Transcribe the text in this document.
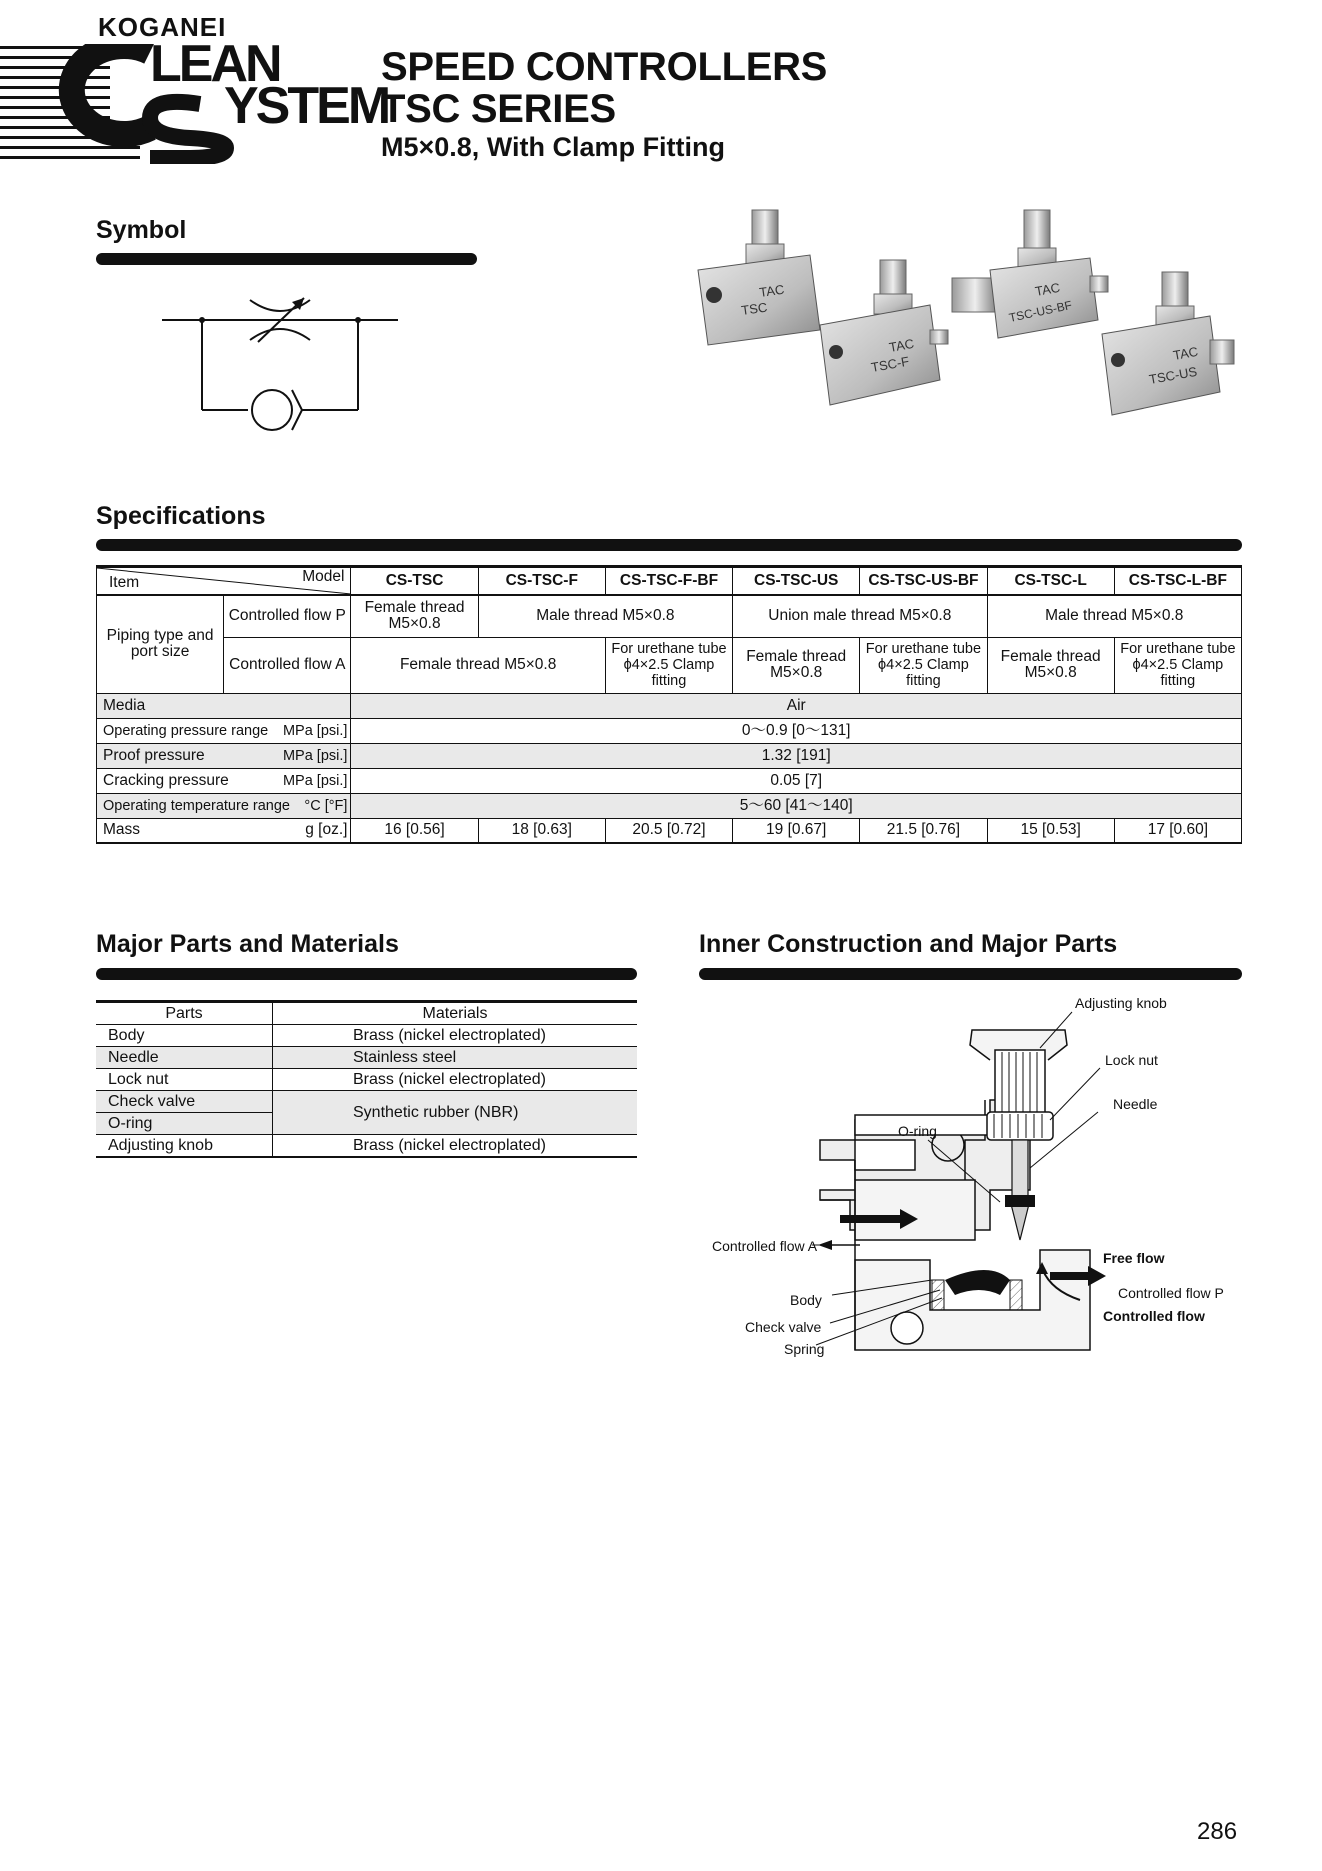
KOGANEI
LEAN
YSTEM
SPEED CONTROLLERS
TSC SERIES
M5×0.8, With Clamp Fitting
Symbol
TAC
TSC
TAC
TSC-F
TAC
TSC-US-BF
TAC
TSC-US
Specifications
Item Model		CS-TSC	CS-TSC-F	CS-TSC-F-BF	CS-TSC-US	CS-TSC-US-BF	CS-TSC-L	CS-TSC-L-BF
Piping type and port size	Controlled flow P	Female thread M5×0.8	Male thread M5×0.8		Union male thread M5×0.8		Male thread M5×0.8	
	Controlled flow A	Female thread M5×0.8		For urethane tube ϕ4×2.5 Clamp fitting	Female thread M5×0.8	For urethane tube ϕ4×2.5 Clamp fitting	Female thread M5×0.8	For urethane tube ϕ4×2.5 Clamp fitting
Media		Air						

Operating pressure range MPa [psi.]		0～0.9 [0～131]						

Proof pressure MPa [psi.]		1.32 [191]						

Cracking pressure MPa [psi.]		0.05 [7]						

Operating temperature range °C [°F]		5～60 [41～140]						

Mass g [oz.]		16 [0.56]	18 [0.63]	20.5 [0.72]	19 [0.67]	21.5 [0.76]	15 [0.53]	17 [0.60]
Major Parts and Materials
Parts	Materials
Body	Brass (nickel electroplated)
Needle	Stainless steel
Lock nut	Brass (nickel electroplated)
Check valve	Synthetic rubber (NBR)
O-ring	
Adjusting knob	Brass (nickel electroplated)
Inner Construction and Major Parts
Adjusting knob
Lock nut
Needle
O-ring
Controlled flow A
Free flow
Body	Controlled flow P
Check valve
Controlled flow
Spring
286
